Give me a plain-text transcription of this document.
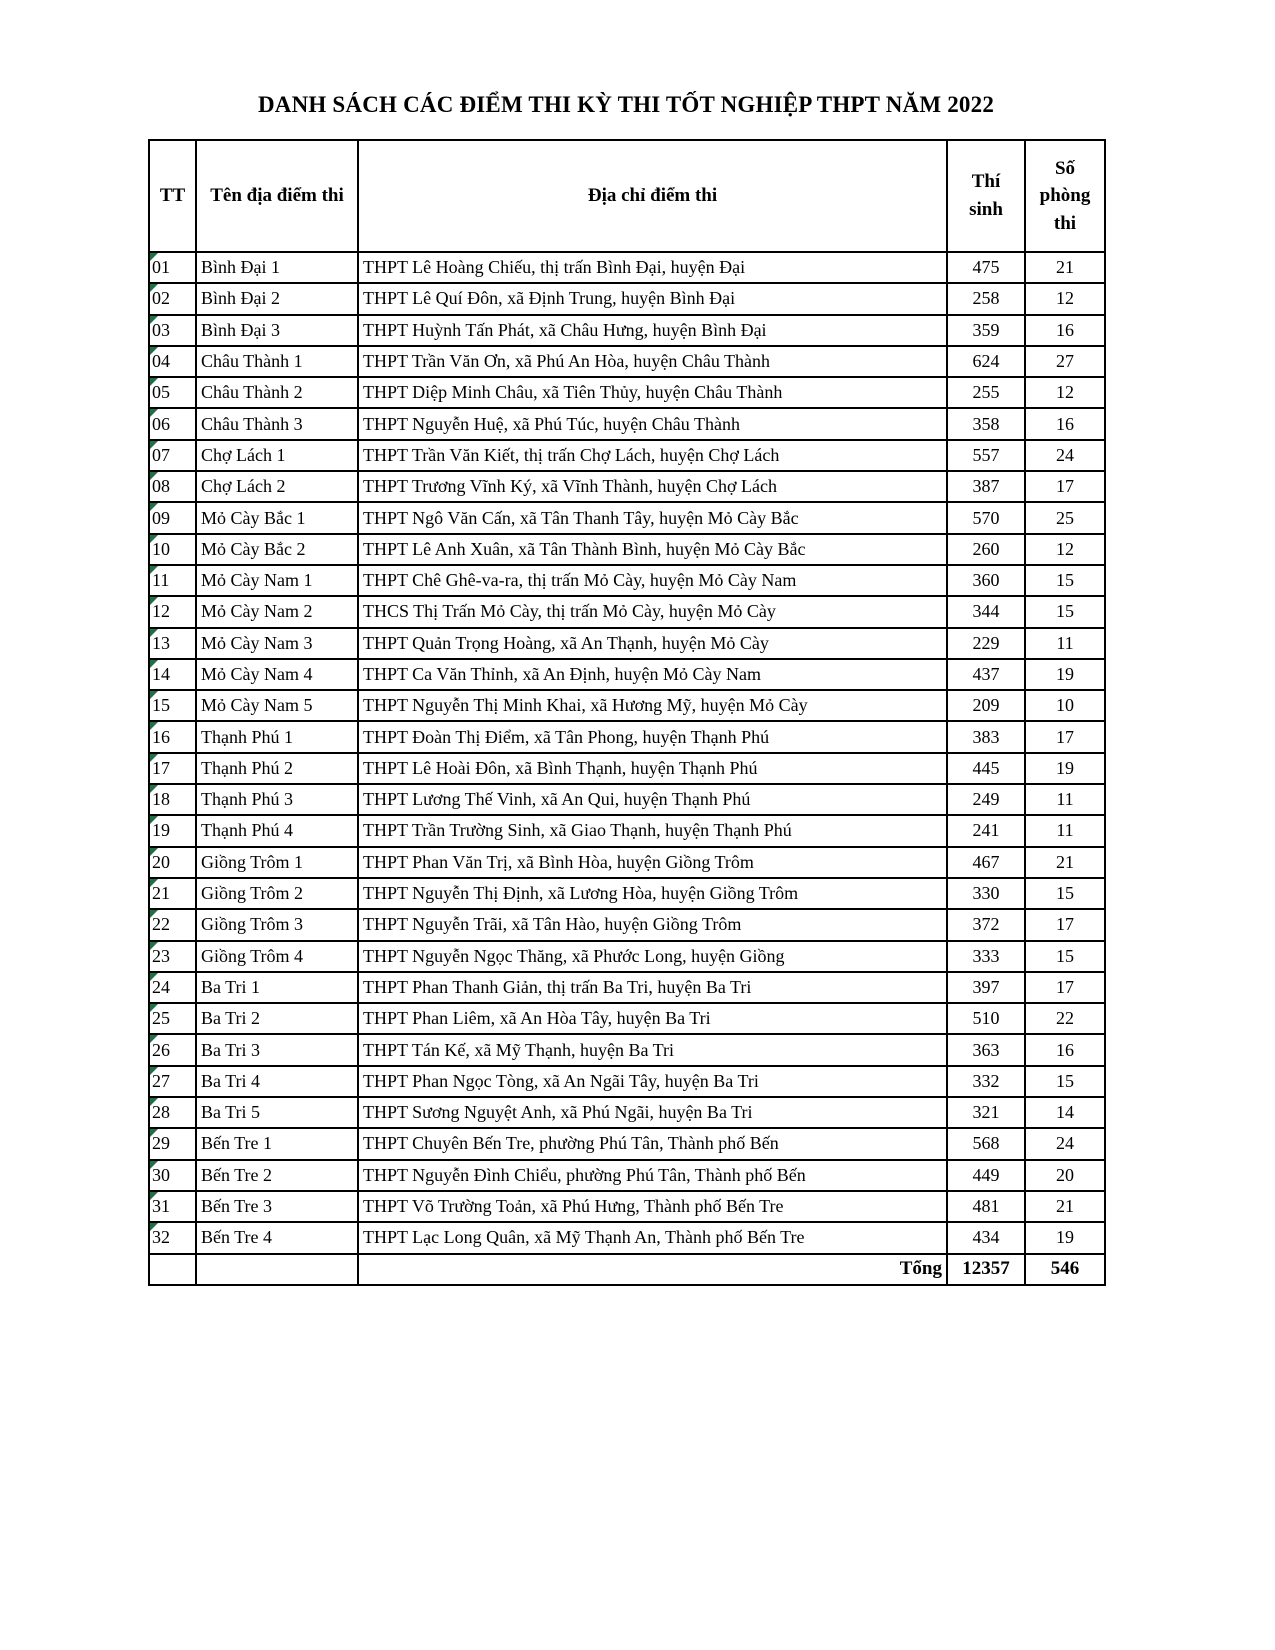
DANH SÁCH CÁC ĐIỂM THI KỲ THI TỐT NGHIỆP THPT NĂM 2022
TT	Tên địa điểm thi	Địa chỉ điểm thi	Thí sinh	Số phòng thi

01	Bình Đại 1	THPT Lê Hoàng Chiếu, thị trấn Bình Đại, huyện Đại	475	21

02	Bình Đại 2	THPT Lê Quí Đôn, xã Định Trung, huyện Bình Đại	258	12

03	Bình Đại 3	THPT Huỳnh Tấn Phát, xã Châu Hưng, huyện Bình Đại	359	16

04	Châu Thành 1	THPT Trần Văn Ơn, xã Phú An Hòa, huyện Châu Thành	624	27

05	Châu Thành 2	THPT Diệp Minh Châu, xã Tiên Thủy, huyện Châu Thành	255	12

06	Châu Thành 3	THPT Nguyễn Huệ, xã Phú Túc, huyện Châu Thành	358	16

07	Chợ Lách 1	THPT Trần Văn Kiết, thị trấn Chợ Lách, huyện Chợ Lách	557	24

08	Chợ Lách 2	THPT Trương Vĩnh Ký, xã Vĩnh Thành, huyện Chợ Lách	387	17

09	Mỏ Cày Bắc 1	THPT Ngô Văn Cấn, xã Tân Thanh Tây, huyện Mỏ Cày Bắc	570	25

10	Mỏ Cày Bắc 2	THPT Lê Anh Xuân, xã Tân Thành Bình, huyện Mỏ Cày Bắc	260	12

11	Mỏ Cày Nam 1	THPT Chê Ghê-va-ra, thị trấn Mỏ Cày, huyện Mỏ Cày Nam	360	15

12	Mỏ Cày Nam 2	THCS Thị Trấn Mỏ Cày, thị trấn Mỏ Cày, huyện Mỏ Cày	344	15

13	Mỏ Cày Nam 3	THPT Quản Trọng Hoàng, xã An Thạnh, huyện Mỏ Cày	229	11

14	Mỏ Cày Nam 4	THPT Ca Văn Thỉnh, xã An Định, huyện Mỏ Cày Nam	437	19

15	Mỏ Cày Nam 5	THPT Nguyễn Thị Minh Khai, xã Hương Mỹ, huyện Mỏ Cày	209	10

16	Thạnh Phú 1	THPT Đoàn Thị Điểm, xã Tân Phong, huyện Thạnh Phú	383	17

17	Thạnh Phú 2	THPT Lê Hoài Đôn, xã Bình Thạnh, huyện Thạnh Phú	445	19

18	Thạnh Phú 3	THPT Lương Thế Vinh, xã An Qui, huyện Thạnh Phú	249	11

19	Thạnh Phú 4	THPT Trần Trường Sinh, xã Giao Thạnh, huyện Thạnh Phú	241	11

20	Giồng Trôm 1	THPT Phan Văn Trị, xã Bình Hòa, huyện Giồng Trôm	467	21

21	Giồng Trôm 2	THPT Nguyễn Thị Định, xã Lương Hòa, huyện Giồng Trôm	330	15

22	Giồng Trôm 3	THPT Nguyễn Trãi, xã Tân Hào, huyện Giồng Trôm	372	17

23	Giồng Trôm 4	THPT Nguyễn Ngọc Thăng, xã Phước Long, huyện Giồng	333	15

24	Ba Tri 1	THPT Phan Thanh Giản, thị trấn Ba Tri, huyện Ba Tri	397	17

25	Ba Tri 2	THPT Phan Liêm, xã An Hòa Tây, huyện Ba Tri	510	22

26	Ba Tri 3	THPT Tán Kế, xã Mỹ Thạnh, huyện Ba Tri	363	16

27	Ba Tri 4	THPT Phan Ngọc Tòng, xã An Ngãi Tây, huyện Ba Tri	332	15

28	Ba Tri 5	THPT Sương Nguyệt Anh, xã Phú Ngãi, huyện Ba Tri	321	14

29	Bến Tre 1	THPT Chuyên Bến Tre, phường Phú Tân, Thành phố Bến	568	24

30	Bến Tre 2	THPT Nguyễn Đình Chiểu, phường Phú Tân, Thành phố Bến	449	20

31	Bến Tre 3	THPT Võ Trường Toản, xã Phú Hưng, Thành phố Bến Tre	481	21

32	Bến Tre 4	THPT Lạc Long Quân, xã Mỹ Thạnh An, Thành phố Bến Tre	434	19
		Tổng	12357	546
